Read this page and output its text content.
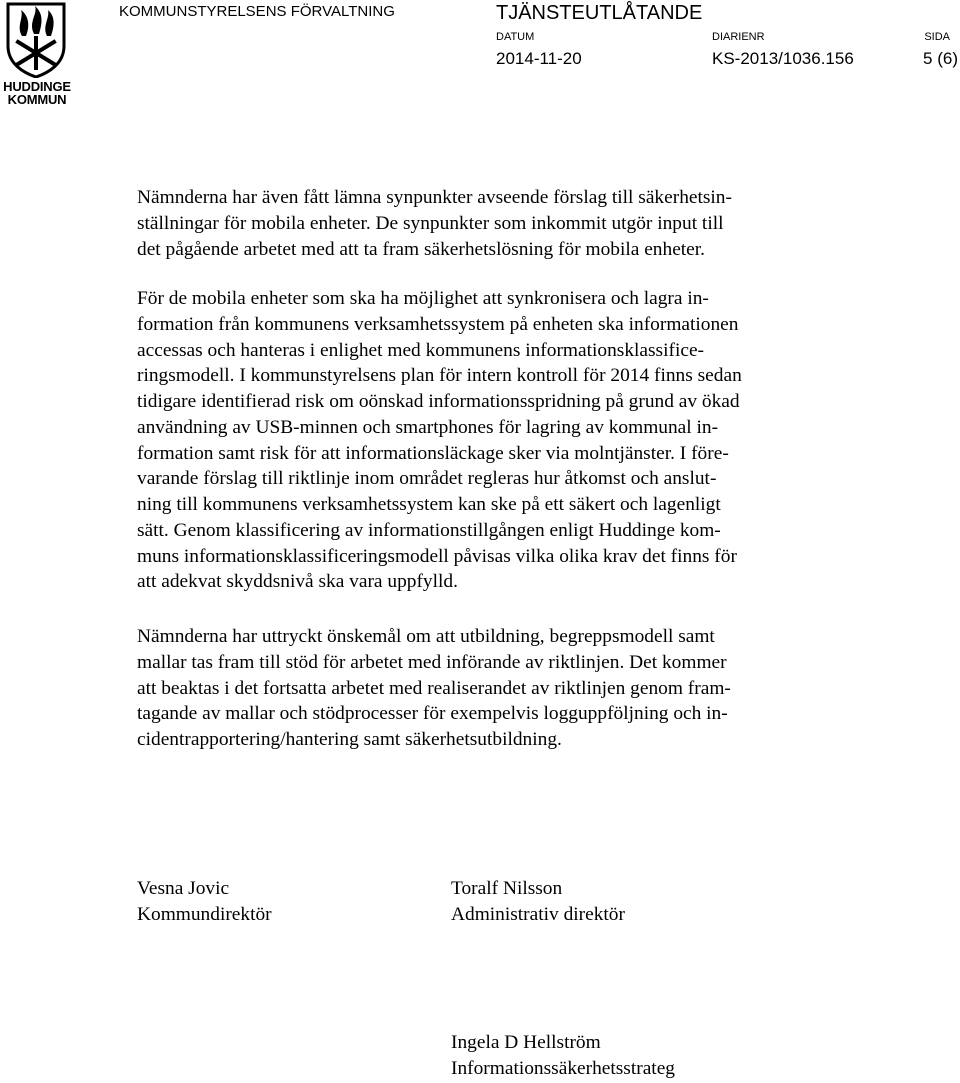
HUDDINGE
KOMMUN
KOMMUNSTYRELSENS FÖRVALTNING	TJÄNSTEUTLÅTANDE
DATUM	DIARIENR	SIDA
2014-11-20	KS-2013/1036.156	5 (6)
Nämnderna har även fått lämna synpunkter avseende förslag till säkerhetsin-
ställningar för mobila enheter. De synpunkter som inkommit utgör input till
det pågående arbetet med att ta fram säkerhetslösning för mobila enheter.
För de mobila enheter som ska ha möjlighet att synkronisera och lagra in-
formation från kommunens verksamhetssystem på enheten ska informationen
accessas och hanteras i enlighet med kommunens informationsklassifice-
ringsmodell. I kommunstyrelsens plan för intern kontroll för 2014 finns sedan
tidigare identifierad risk om oönskad informationsspridning på grund av ökad
användning av USB-minnen och smartphones för lagring av kommunal in-
formation samt risk för att informationsläckage sker via molntjänster. I före-
varande förslag till riktlinje inom området regleras hur åtkomst och anslut-
ning till kommunens verksamhetssystem kan ske på ett säkert och lagenligt
sätt. Genom klassificering av informationstillgången enligt Huddinge kom-
muns informationsklassificeringsmodell påvisas vilka olika krav det finns för
att adekvat skyddsnivå ska vara uppfylld.
Nämnderna har uttryckt önskemål om att utbildning, begreppsmodell samt
mallar tas fram till stöd för arbetet med införande av riktlinjen. Det kommer
att beaktas i det fortsatta arbetet med realiserandet av riktlinjen genom fram-
tagande av mallar och stödprocesser för exempelvis logguppföljning och in-
cidentrapportering/hantering samt säkerhetsutbildning.
Vesna Jovic
Kommundirektör
Toralf Nilsson
Administrativ direktör
Ingela D Hellström
Informationssäkerhetsstrateg
